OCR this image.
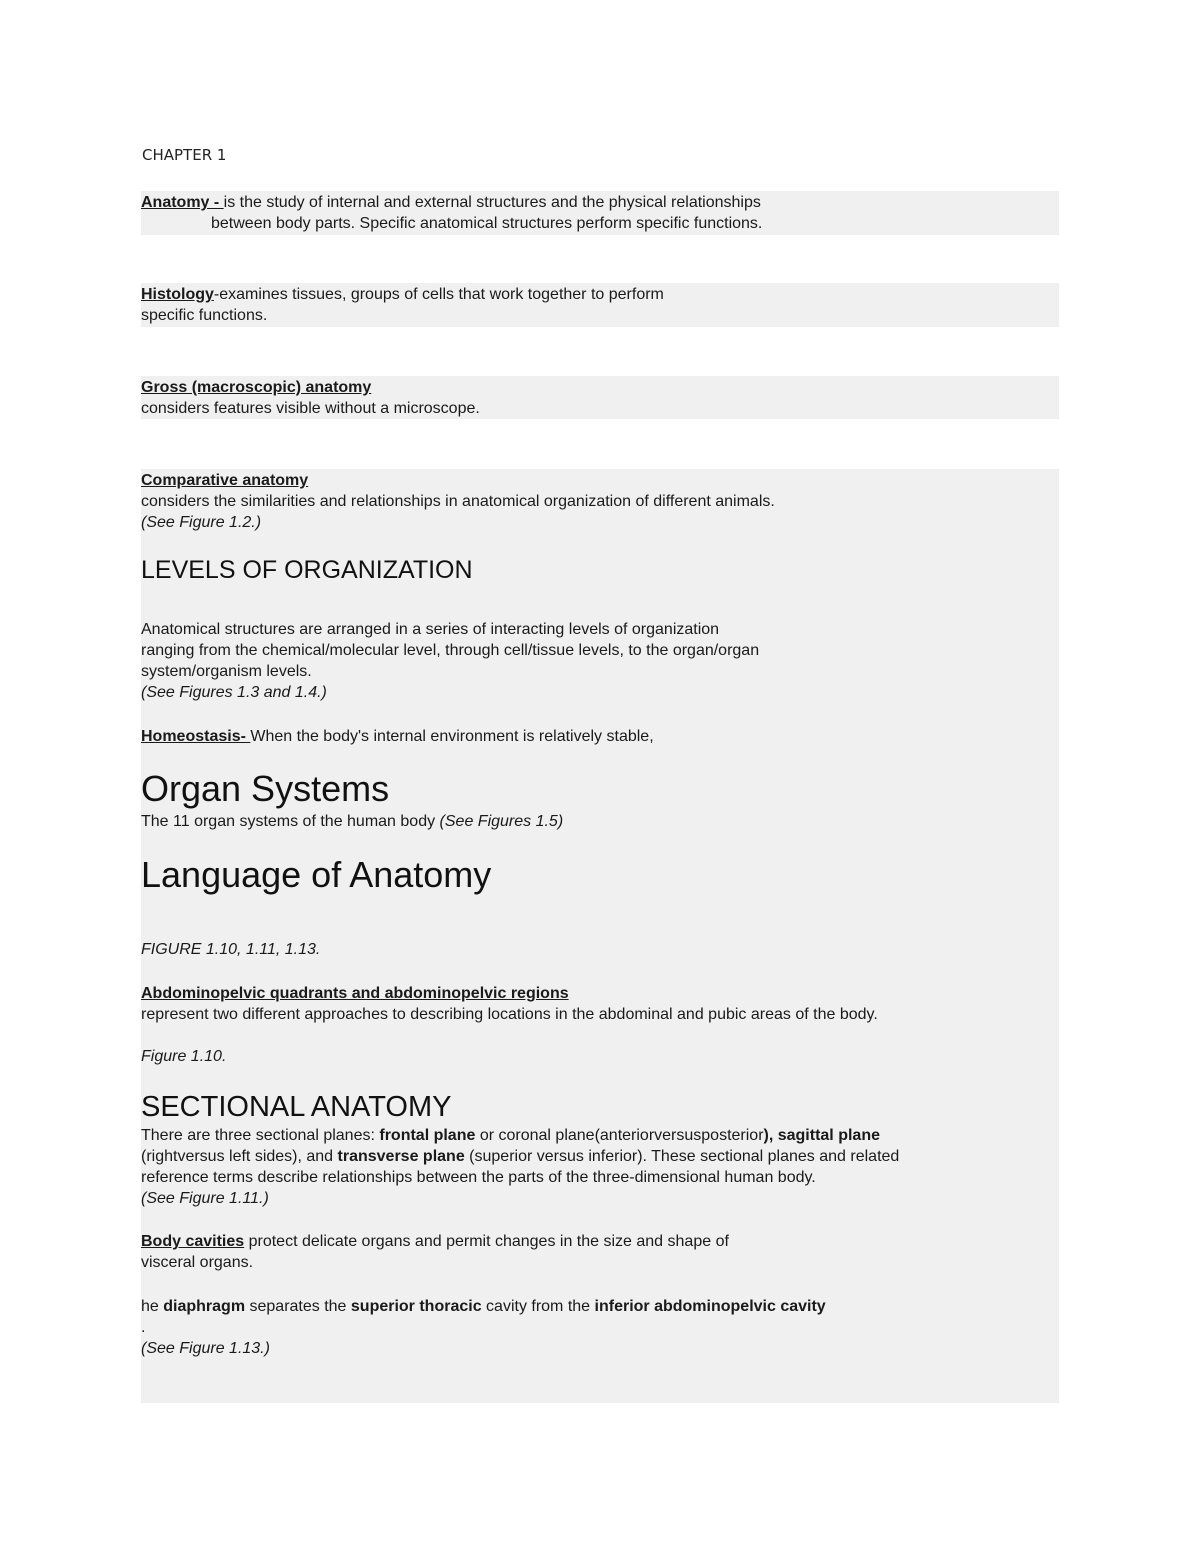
CHAPTER 1
Anatomy - is the study of internal and external structures and the physical relationships
between body parts. Specific anatomical structures perform specific functions.
Histology-examines tissues, groups of cells that work together to perform
specific functions.
Gross (macroscopic) anatomy
considers features visible without a microscope.
Comparative anatomy
considers the similarities and relationships in anatomical organization of different animals.
(See Figure 1.2.)
LEVELS OF ORGANIZATION
Anatomical structures are arranged in a series of interacting levels of organization
ranging from the chemical/molecular level, through cell/tissue levels, to the organ/organ
system/organism levels.
(See Figures 1.3 and 1.4.)
Homeostasis- When the body's internal environment is relatively stable,
Organ Systems
The 11 organ systems of the human body (See Figures 1.5)
Language of Anatomy
FIGURE 1.10, 1.11, 1.13.
Abdominopelvic quadrants and abdominopelvic regions
represent two different approaches to describing locations in the abdominal and pubic areas of the body.
Figure 1.10.
SECTIONAL ANATOMY
There are three sectional planes: frontal plane or coronal plane(anteriorversusposterior), sagittal plane
(rightversus left sides), and transverse plane (superior versus inferior). These sectional planes and related
reference terms describe relationships between the parts of the three-dimensional human body.
(See Figure 1.11.)
Body cavities protect delicate organs and permit changes in the size and shape of
visceral organs.
he diaphragm separates the superior thoracic cavity from the inferior abdominopelvic cavity
.
(See Figure 1.13.)
